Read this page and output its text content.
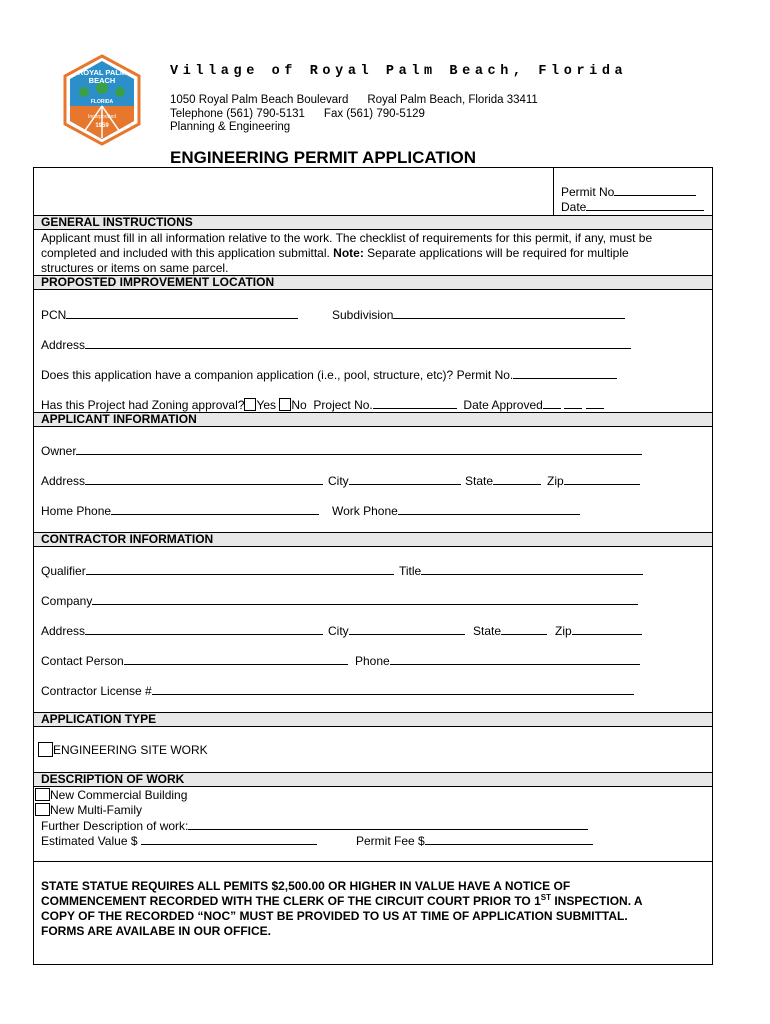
ROYAL PALM
BEACH
FLORIDA
Incorporated
1959
Village of Royal Palm Beach, Florida
1050 Royal Palm Beach Boulevard Royal Palm Beach, Florida 33411
Telephone (561) 790-5131 Fax (561) 790-5129
Planning & Engineering
ENGINEERING PERMIT APPLICATION
Permit No
Date
GENERAL INSTRUCTIONS
Applicant must fill in all information relative to the work. The checklist of requirements for this permit, if any, must be
completed and included with this application submittal. Note: Separate applications will be required for multiple
structures or items on same parcel.
PROPOSTED IMPROVEMENT LOCATION
PCN	Subdivision
Address
Does this application have a companion application (i.e., pool, structure, etc)? Permit No.
Has this Project had Zoning approval? Yes No Project No.	Date Approved
APPLICANT INFORMATION
Owner
Address	City	State	Zip
Home Phone	Work Phone
CONTRACTOR INFORMATION
Qualifier	Title
Company
Address	City	State	Zip
Contact Person	Phone
Contractor License #
APPLICATION TYPE
ENGINEERING SITE WORK
DESCRIPTION OF WORK
New Commercial Building
New Multi-Family
Further Description of work:
Estimated Value $	Permit Fee $
STATE STATUE REQUIRES ALL PEMITS $2,500.00 OR HIGHER IN VALUE HAVE A NOTICE OF
COMMENCEMENT RECORDED WITH THE CLERK OF THE CIRCUIT COURT PRIOR TO 1ST INSPECTION. A
COPY OF THE RECORDED “NOC” MUST BE PROVIDED TO US AT TIME OF APPLICATION SUBMITTAL.
FORMS ARE AVAILABE IN OUR OFFICE.
